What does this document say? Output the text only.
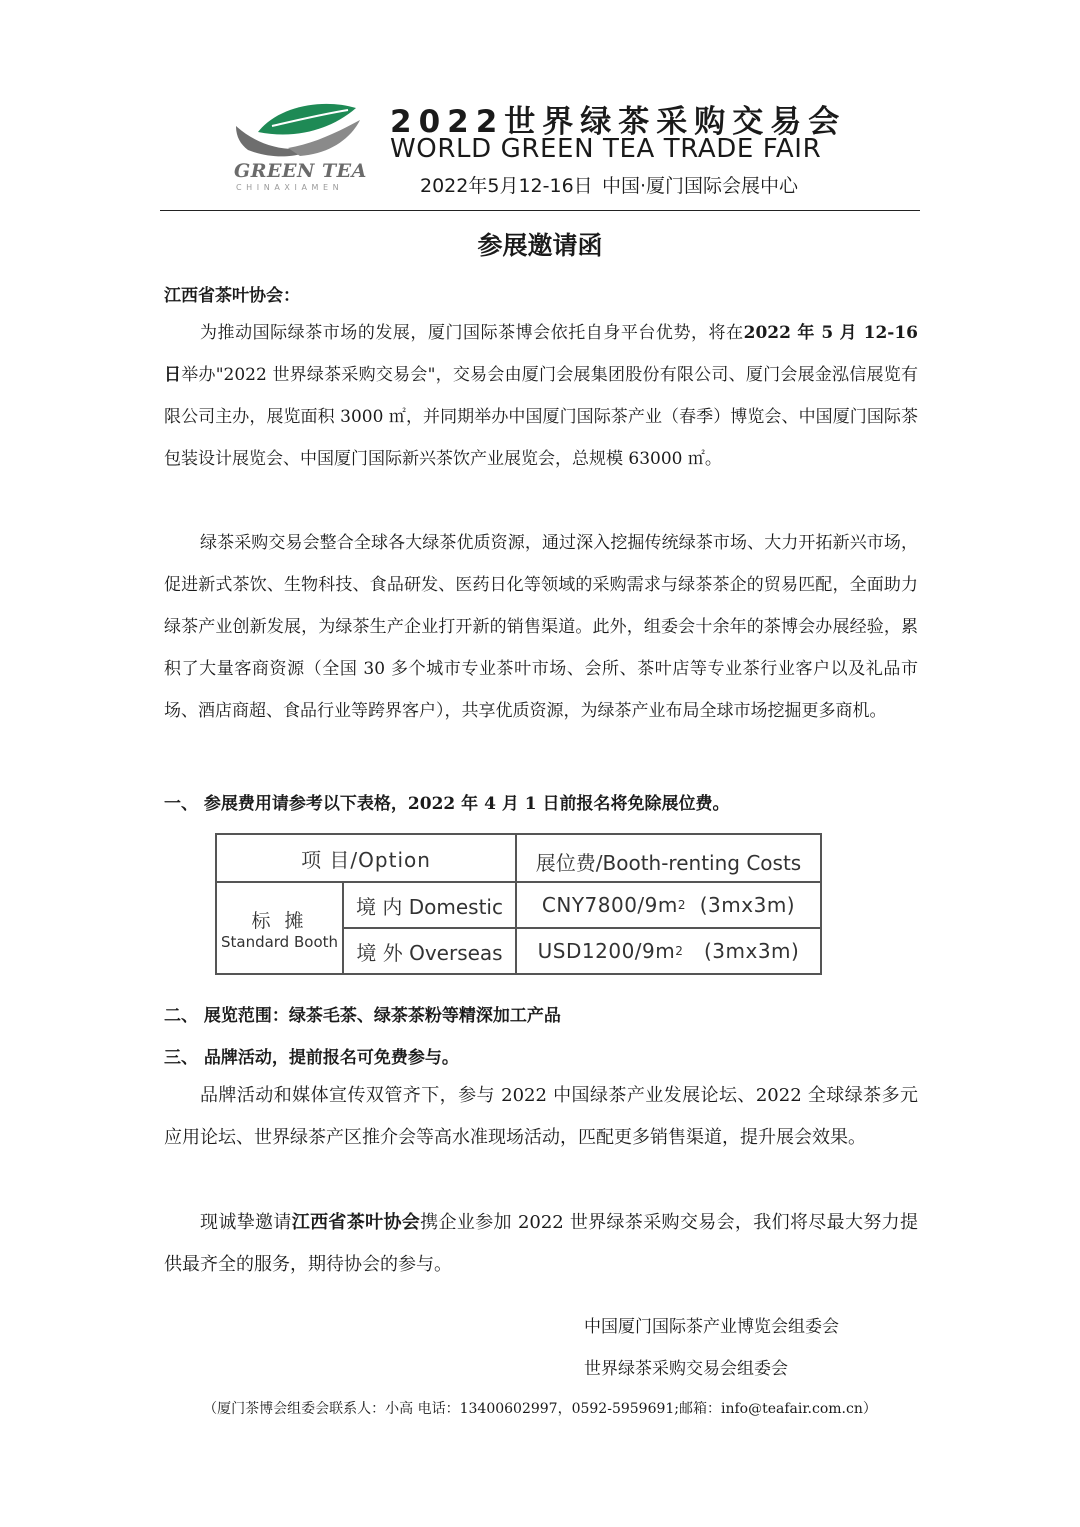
GREEN TEA
CHINAXIAMEN
2022世界绿茶采购交易会
WORLD GREEN TEA TRADE FAIR
2022年5月12-16日 中国·厦门国际会展中心
参展邀请函
江西省茶叶协会：
为推动国际绿茶市场的发展，厦门国际茶博会依托自身平台优势，将在2022 年 5 月 12-16 日举办"2022 世界绿茶采购交易会"，交易会由厦门会展集团股份有限公司、厦门会展金泓信展览有限公司主办，展览面积 3000 ㎡，并同期举办中国厦门国际茶产业（春季）博览会、中国厦门国际茶包装设计展览会、中国厦门国际新兴茶饮产业展览会，总规模 63000 ㎡。
绿茶采购交易会整合全球各大绿茶优质资源，通过深入挖掘传统绿茶市场、大力开拓新兴市场，促进新式茶饮、生物科技、食品研发、医药日化等领域的采购需求与绿茶茶企的贸易匹配，全面助力绿茶产业创新发展，为绿茶生产企业打开新的销售渠道。此外，组委会十余年的茶博会办展经验，累积了大量客商资源（全国 30 多个城市专业茶叶市场、会所、茶叶店等专业茶行业客户以及礼品市场、酒店商超、食品行业等跨界客户），共享优质资源，为绿茶产业布局全球市场挖掘更多商机。
一、 参展费用请参考以下表格，2022 年 4 月 1 日前报名将免除展位费。
项 目/Option	展位费/Booth-renting Costs
标 摊
Standard Booth
境 内 Domestic	CNY7800/9m 2
(3mx3m)
境 外 Overseas	USD1200/9m 2
(3mx3m)
二、 展览范围：绿茶毛茶、绿茶茶粉等精深加工产品
三、 品牌活动，提前报名可免费参与。
品牌活动和媒体宣传双管齐下，参与 2022 中国绿茶产业发展论坛、2022 全球绿茶多元应用论坛、世界绿茶产区推介会等高水准现场活动，匹配更多销售渠道，提升展会效果。
现诚挚邀请江西省茶叶协会携企业参加 2022 世界绿茶采购交易会，我们将尽最大努力提供最齐全的服务，期待协会的参与。
中国厦门国际茶产业博览会组委会
世界绿茶采购交易会组委会
（厦门茶博会组委会联系人：小高 电话：13400602997，0592-5959691;邮箱：info@teafair.com.cn）
